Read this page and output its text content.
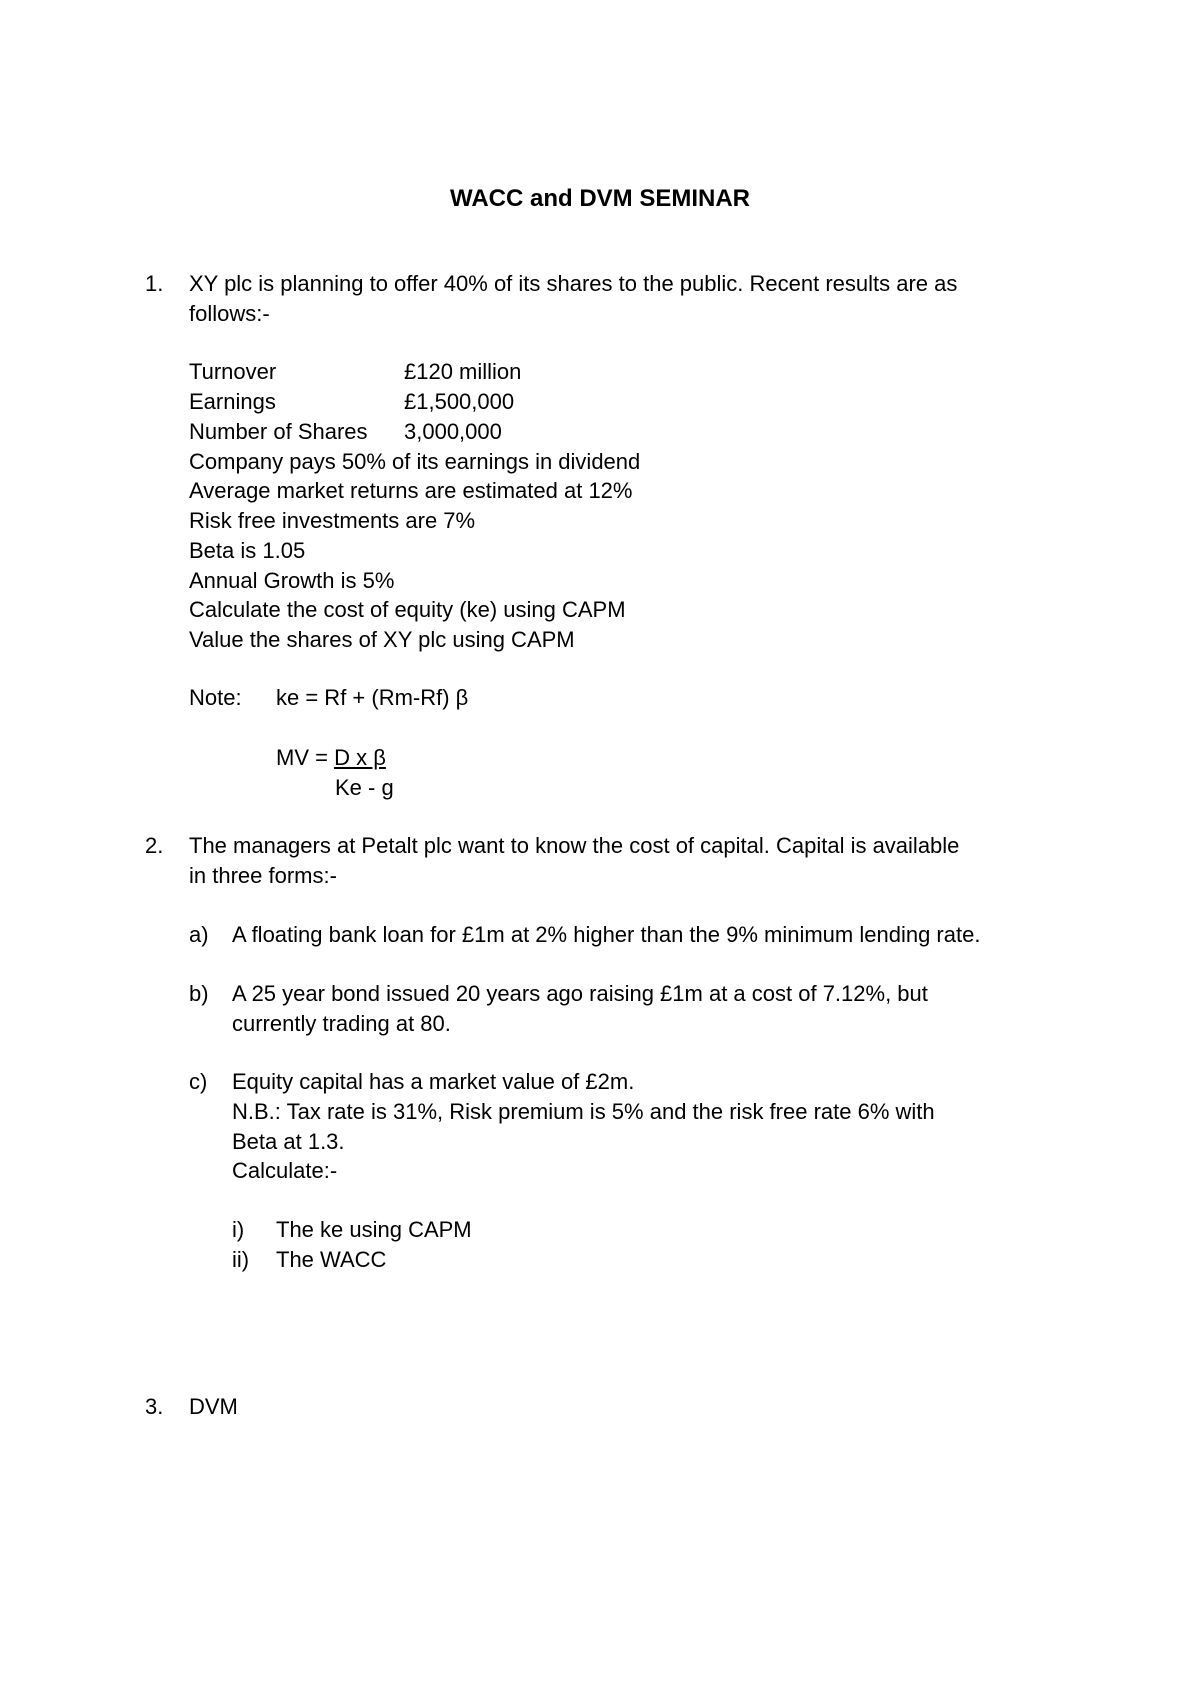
WACC and DVM SEMINAR
1. XY plc is planning to offer 40% of its shares to the public. Recent results are as
follows:-
Turnover	£120 million
Earnings	£1,500,000
Number of Shares 3,000,000
Company pays 50% of its earnings in dividend
Average market returns are estimated at 12%
Risk free investments are 7%
Beta is 1.05
Annual Growth is 5%
Calculate the cost of equity (ke) using CAPM
Value the shares of XY plc using CAPM
Note: ke = Rf + (Rm-Rf) β
MV = D x β
Ke - g
2. The managers at Petalt plc want to know the cost of capital. Capital is available
in three forms:-
a) A floating bank loan for £1m at 2% higher than the 9% minimum lending rate.
b) A 25 year bond issued 20 years ago raising £1m at a cost of 7.12%, but
currently trading at 80.
c) Equity capital has a market value of £2m.
N.B.: Tax rate is 31%, Risk premium is 5% and the risk free rate 6% with
Beta at 1.3.
Calculate:-
i) The ke using CAPM
ii) The WACC
3. DVM
